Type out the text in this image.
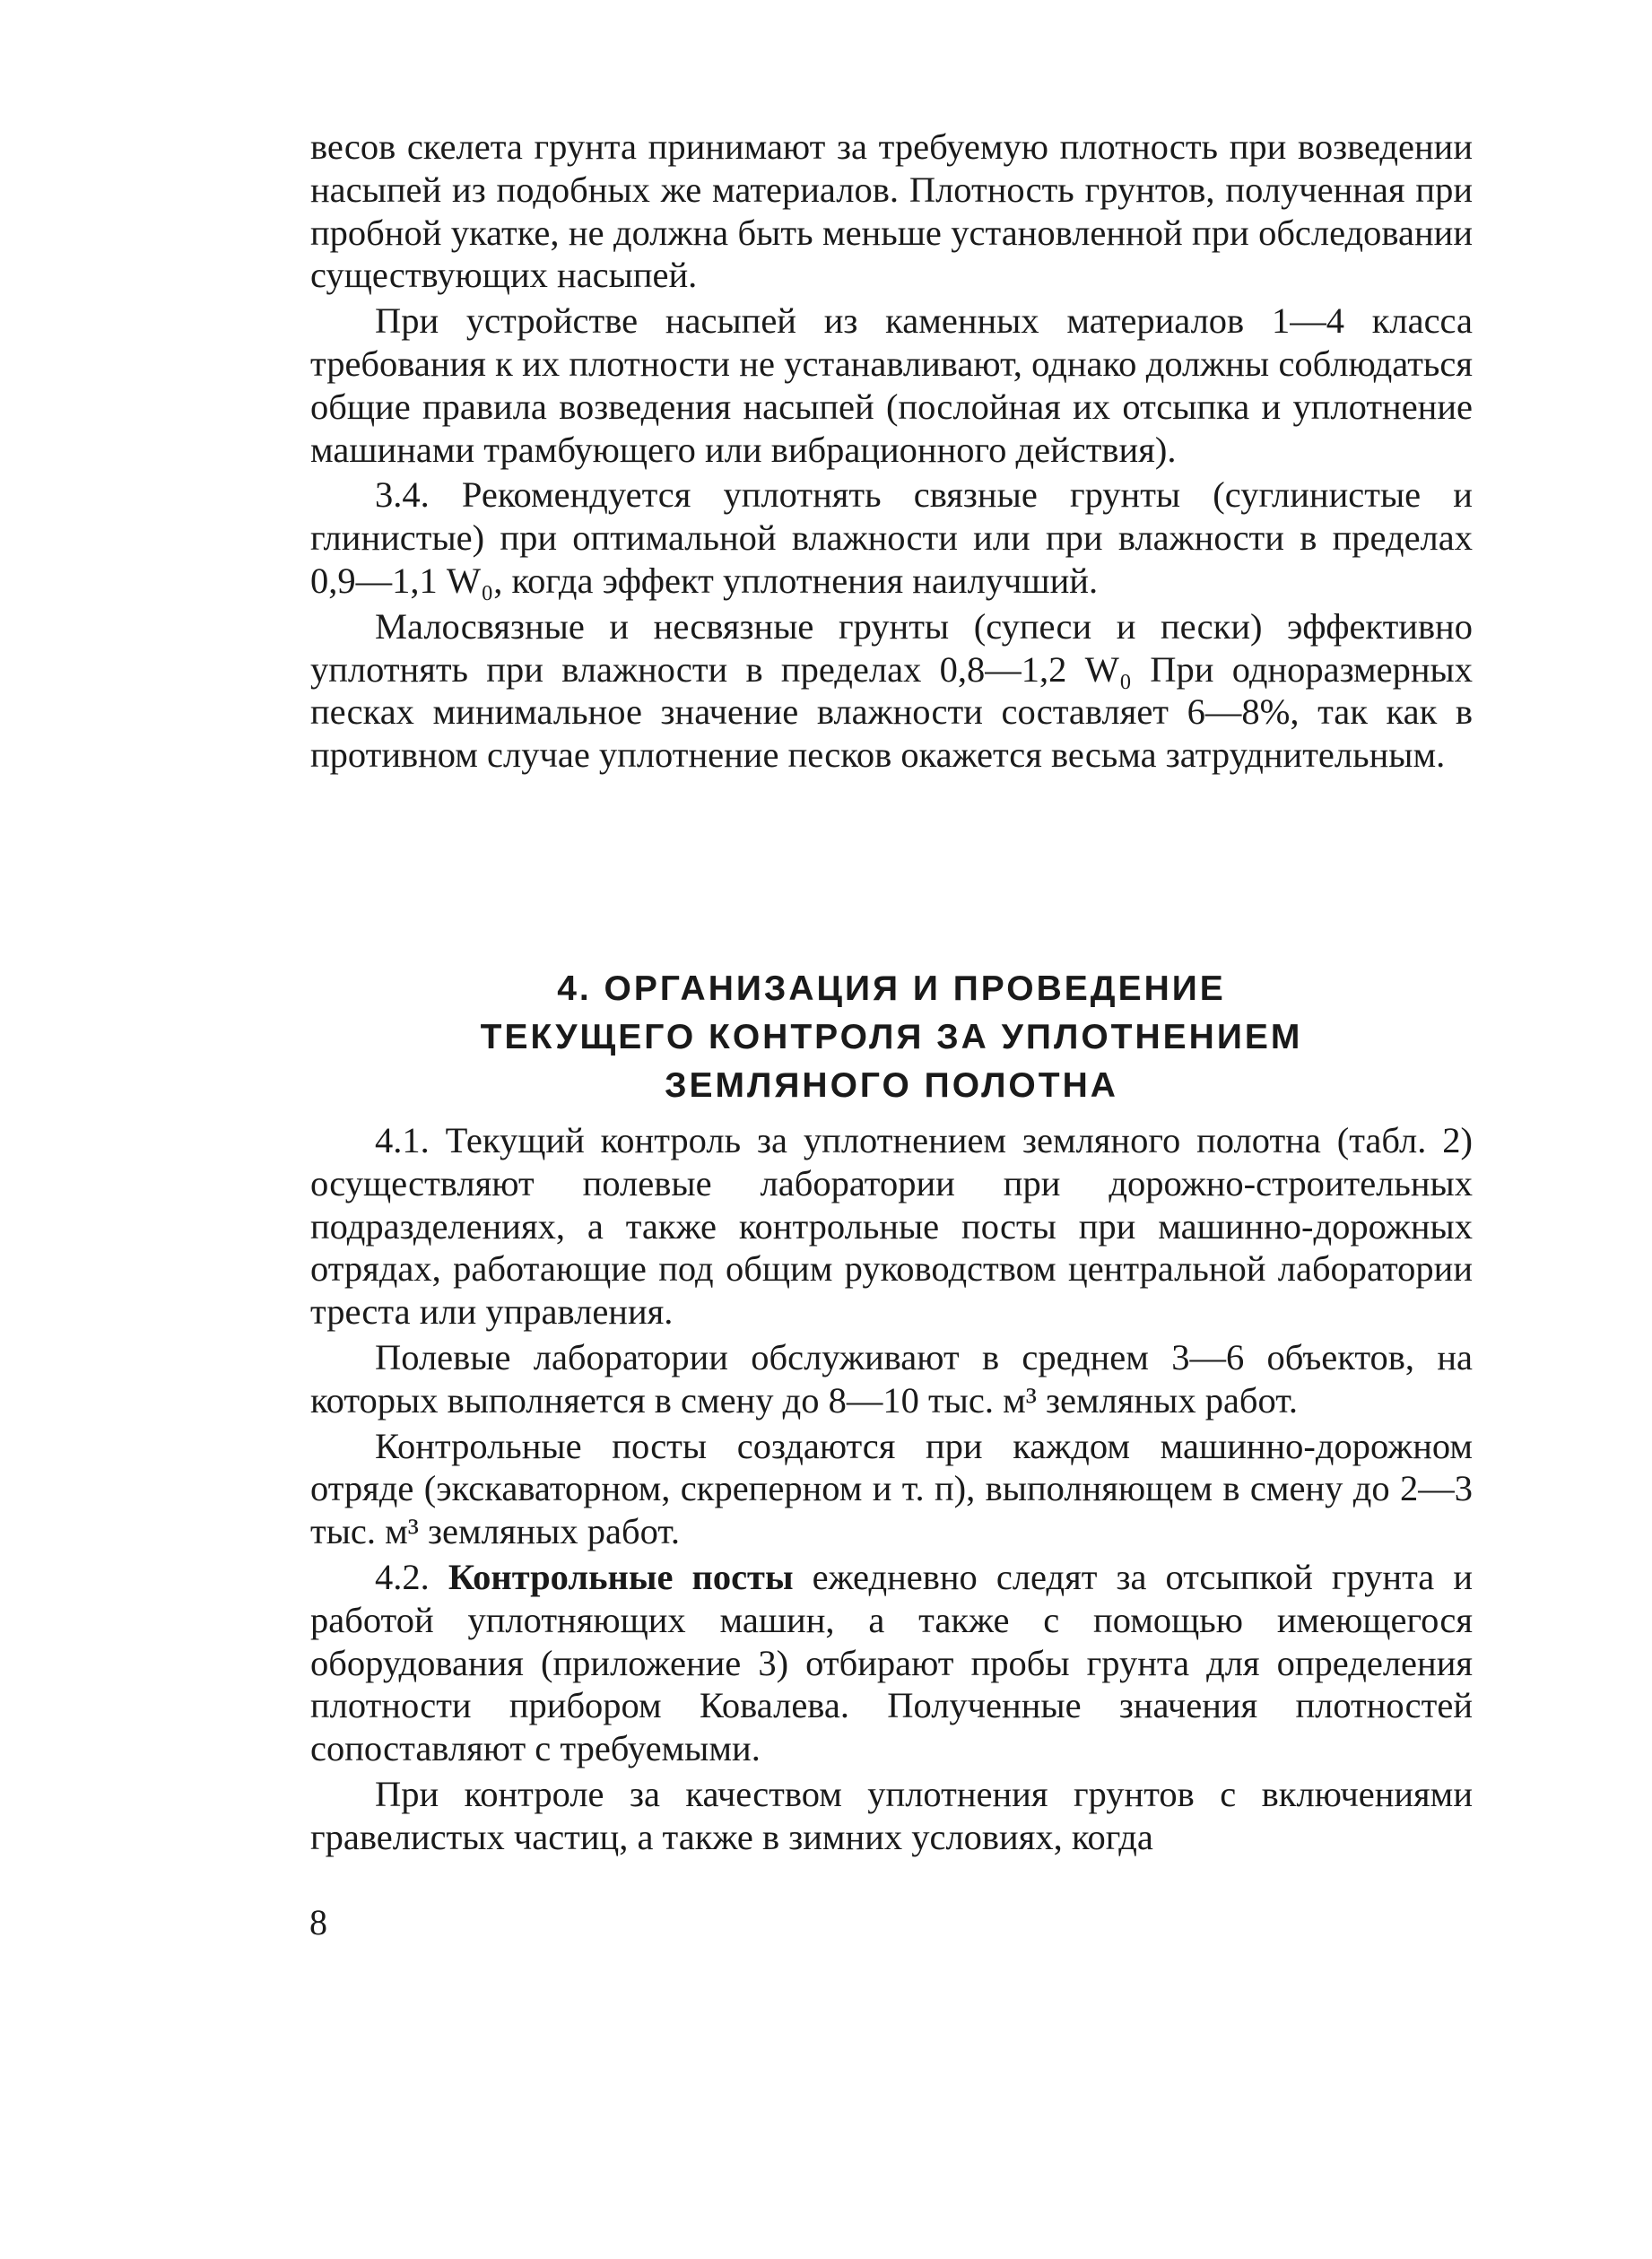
весов скелета грунта принимают за требуемую плотность при возведении насыпей из подобных же материалов. Плотность грунтов, полученная при пробной укатке, не должна быть меньше установленной при обследовании существующих насыпей.

При устройстве насыпей из каменных материалов 1—4 класса требования к их плотности не устанавливают, однако должны соблюдаться общие правила возведения насыпей (послойная их отсыпка и уплотнение машинами трамбующего или вибрационного действия).

3.4. Рекомендуется уплотнять связные грунты (суглинистые и глинистые) при оптимальной влажности или при влажности в пределах 0,9—1,1 W₀, когда эффект уплотнения наилучший.

Малосвязные и несвязные грунты (супеси и пески) эффективно уплотнять при влажности в пределах 0,8—1,2 W₀ При одноразмерных песках минимальное значение влажности составляет 6—8%, так как в противном случае уплотнение песков окажется весьма затруднительным.

4. ОРГАНИЗАЦИЯ И ПРОВЕДЕНИЕ
ТЕКУЩЕГО КОНТРОЛЯ ЗА УПЛОТНЕНИЕМ
ЗЕМЛЯНОГО ПОЛОТНА

4.1. Текущий контроль за уплотнением земляного полотна (табл. 2) осуществляют полевые лаборатории при дорожно-строительных подразделениях, а также контрольные посты при машинно-дорожных отрядах, работающие под общим руководством центральной лаборатории треста или управления.

Полевые лаборатории обслуживают в среднем 3—6 объектов, на которых выполняется в смену до 8—10 тыс. м³ земляных работ.

Контрольные посты создаются при каждом машинно-дорожном отряде (экскаваторном, скреперном и т. п), выполняющем в смену до 2—3 тыс. м³ земляных работ.

4.2. Контрольные посты ежедневно следят за отсыпкой грунта и работой уплотняющих машин, а также с помощью имеющегося оборудования (приложение 3) отбирают пробы грунта для определения плотности прибором Ковалева. Полученные значения плотностей сопоставляют с требуемыми.

При контроле за качеством уплотнения грунтов с включениями гравелистых частиц, а также в зимних условиях, когда

8
